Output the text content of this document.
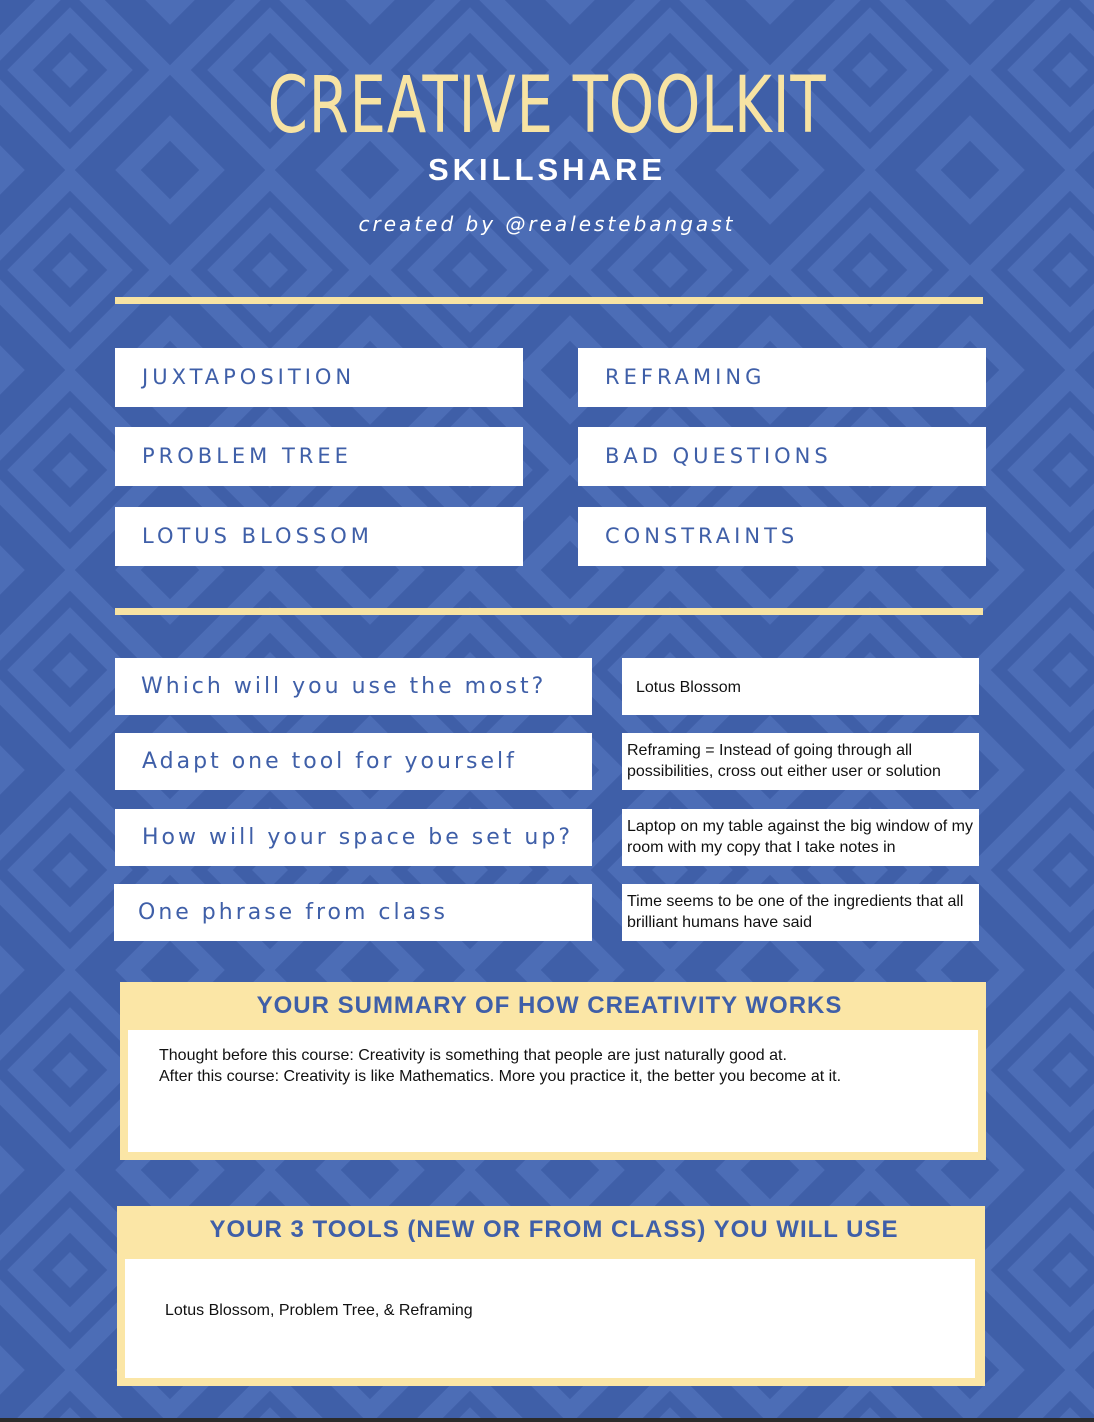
CREATIVE TOOLKIT
SKILLSHARE
created by @realestebangast
JUXTAPOSITION	REFRAMING
PROBLEM TREE	BAD QUESTIONS
LOTUS BLOSSOM	CONSTRAINTS
Which will you use the most?	Lotus Blossom
Adapt one tool for yourself	Reframing = Instead of going through all possibilities, cross out either user or solution
How will your space be set up?	Laptop on my table against the big window of my room with my copy that I take notes in
One phrase from class	Time seems to be one of the ingredients that all brilliant humans have said
YOUR SUMMARY OF HOW CREATIVITY WORKS
Thought before this course: Creativity is something that people are just naturally good at.
After this course: Creativity is like Mathematics. More you practice it, the better you become at it.
YOUR 3 TOOLS (NEW OR FROM CLASS) YOU WILL USE
Lotus Blossom, Problem Tree, & Reframing
